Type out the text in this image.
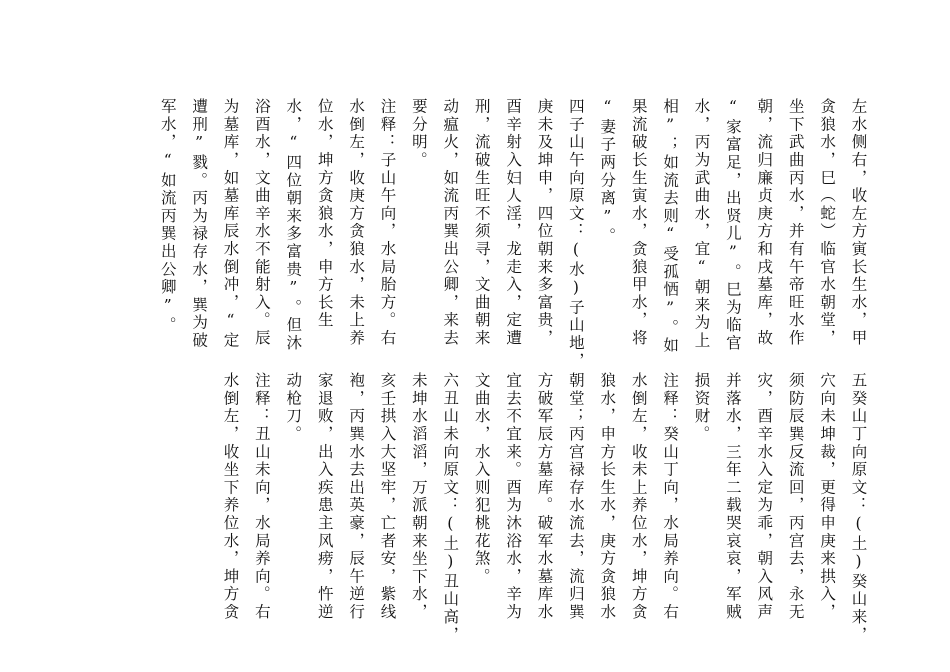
左水侧右，收左方寅长生水，甲
贪狼水，巳（蛇）临官水朝堂，
坐下武曲丙水，并有午帝旺水作
朝，流归廉贞庚方和戌墓库，故
“家富足，出贤儿”。巳为临官
水，丙为武曲水，宜“朝来为上
相”；如流去则“受孤恓”。如
果流破长生寅水，贪狼甲水，将
“妻子两分离”。
四子山午向原文：(水)子山地，
庚未及坤申，四位朝来多富贵，
酉辛射入妇人淫，龙走入，定遭
刑，流破生旺不须寻，文曲朝来
动瘟火，如流丙巽出公卿，来去
要分明。
注释：子山午向，水局胎方。右
水倒左，收庚方贪狼水，未上养
位水，坤方贪狼水，申方长生
水，“四位朝来多富贵”。但沐
浴酉水，文曲辛水不能射入。辰
为墓库，如墓库辰水倒冲，“定
遭刑”戮。丙为禄存水，巽为破
军水，“如流丙巽出公卿”。
五癸山丁向原文：(土)癸山来，
穴向未坤裁，更得申庚来拱入，
须防辰巽反流回，丙宫去，永无
灾，酉辛水入定为乖，朝入风声
并落水，三年二载哭哀哀，军贼
损资财。
注释：癸山丁向，水局养向。右
水倒左，收未上养位水，坤方贪
狼水，申方长生水，庚方贪狼水
朝堂；丙宫禄存水流去，流归巽
方破军辰方墓库。破军水墓库水
宜去不宜来。酉为沐浴水，辛为
文曲水，水入则犯桃花煞。
六丑山未向原文：(土)丑山高，
未坤水滔滔，万派朝来坐下水，
亥壬拱入大坚牢，亡者安，紫线
袍，丙巽水去出英豪，辰午逆行
家退败，出入疾患主风痨，忤逆
动枪刀。
注释：丑山未向，水局养向。右
水倒左，收坐下养位水，坤方贪
